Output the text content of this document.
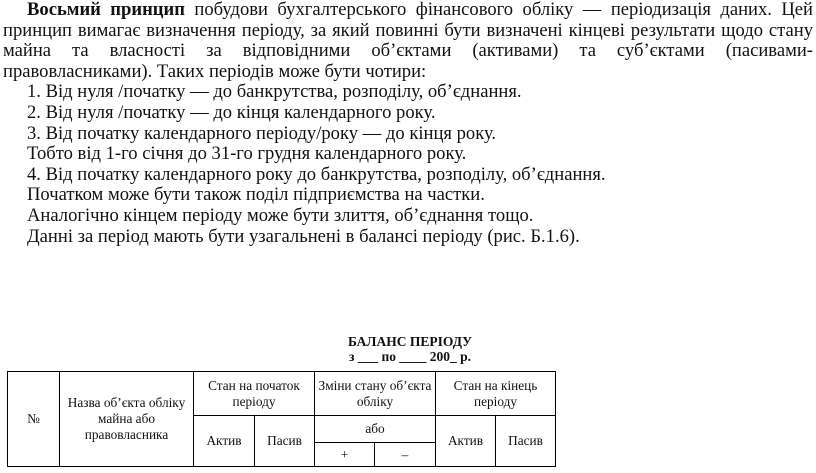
Восьмий принцип побудови бухгалтерського фінансового обліку — періодизація даних. Цей принцип вимагає визначення періоду, за який повинні бути визначені кінцеві результати щодо стану майна та власності за відповідними об’єктами (активами) та суб’єктами (пасивами-правовласниками). Таких періодів може бути чотири:

1. Від нуля /початку — до банкрутства, розподілу, об’єднання.

2. Від нуля /початку — до кінця календарного року.

3. Від початку календарного періоду/року — до кінця року.

Тобто від 1-го січня до 31-го грудня календарного року.

4. Від початку календарного року до банкрутства, розподілу, об’єднання.

Початком може бути також поділ підприємства на частки.

Аналогічно кінцем періоду може бути злиття, об’єднання тощо.

Данні за період мають бути узагальнені в балансі періоду (рис. Б.1.6).

БАЛАНС ПЕРІОДУ
з ___ по ____ 200_ р.
№	Назва об’єкта обліку майна або правовласника	Стан на початок періоду		Зміни стану об’єкта обліку		Стан на кінець періоду		
		Актив	Пасив	або		Актив	Пасив	
				+	–			
